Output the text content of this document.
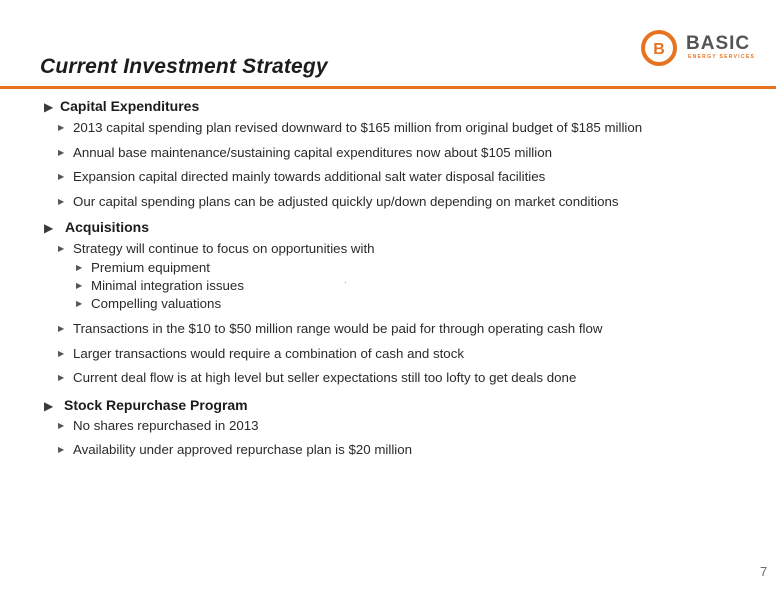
B BASIC
ENERGY SERVICES
Current Investment Strategy
▶ Capital Expenditures
▶ 2013 capital spending plan revised downward to $165 million from original budget of $185 million
▶ Annual base maintenance/sustaining capital expenditures now about $105 million
▶ Expansion capital directed mainly towards additional salt water disposal facilities
▶ Our capital spending plans can be adjusted quickly up/down depending on market conditions
▶ Acquisitions
▶ Strategy will continue to focus on opportunities with
▶ Premium equipment
▶ Minimal integration issues
▶ Compelling valuations
▶ Transactions in the $10 to $50 million range would be paid for through operating cash flow
▶ Larger transactions would require a combination of cash and stock
▶ Current deal flow is at high level but seller expectations still too lofty to get deals done
▶ Stock Repurchase Program
▶ No shares repurchased in 2013
▶ Availability under approved repurchase plan is $20 million
7
